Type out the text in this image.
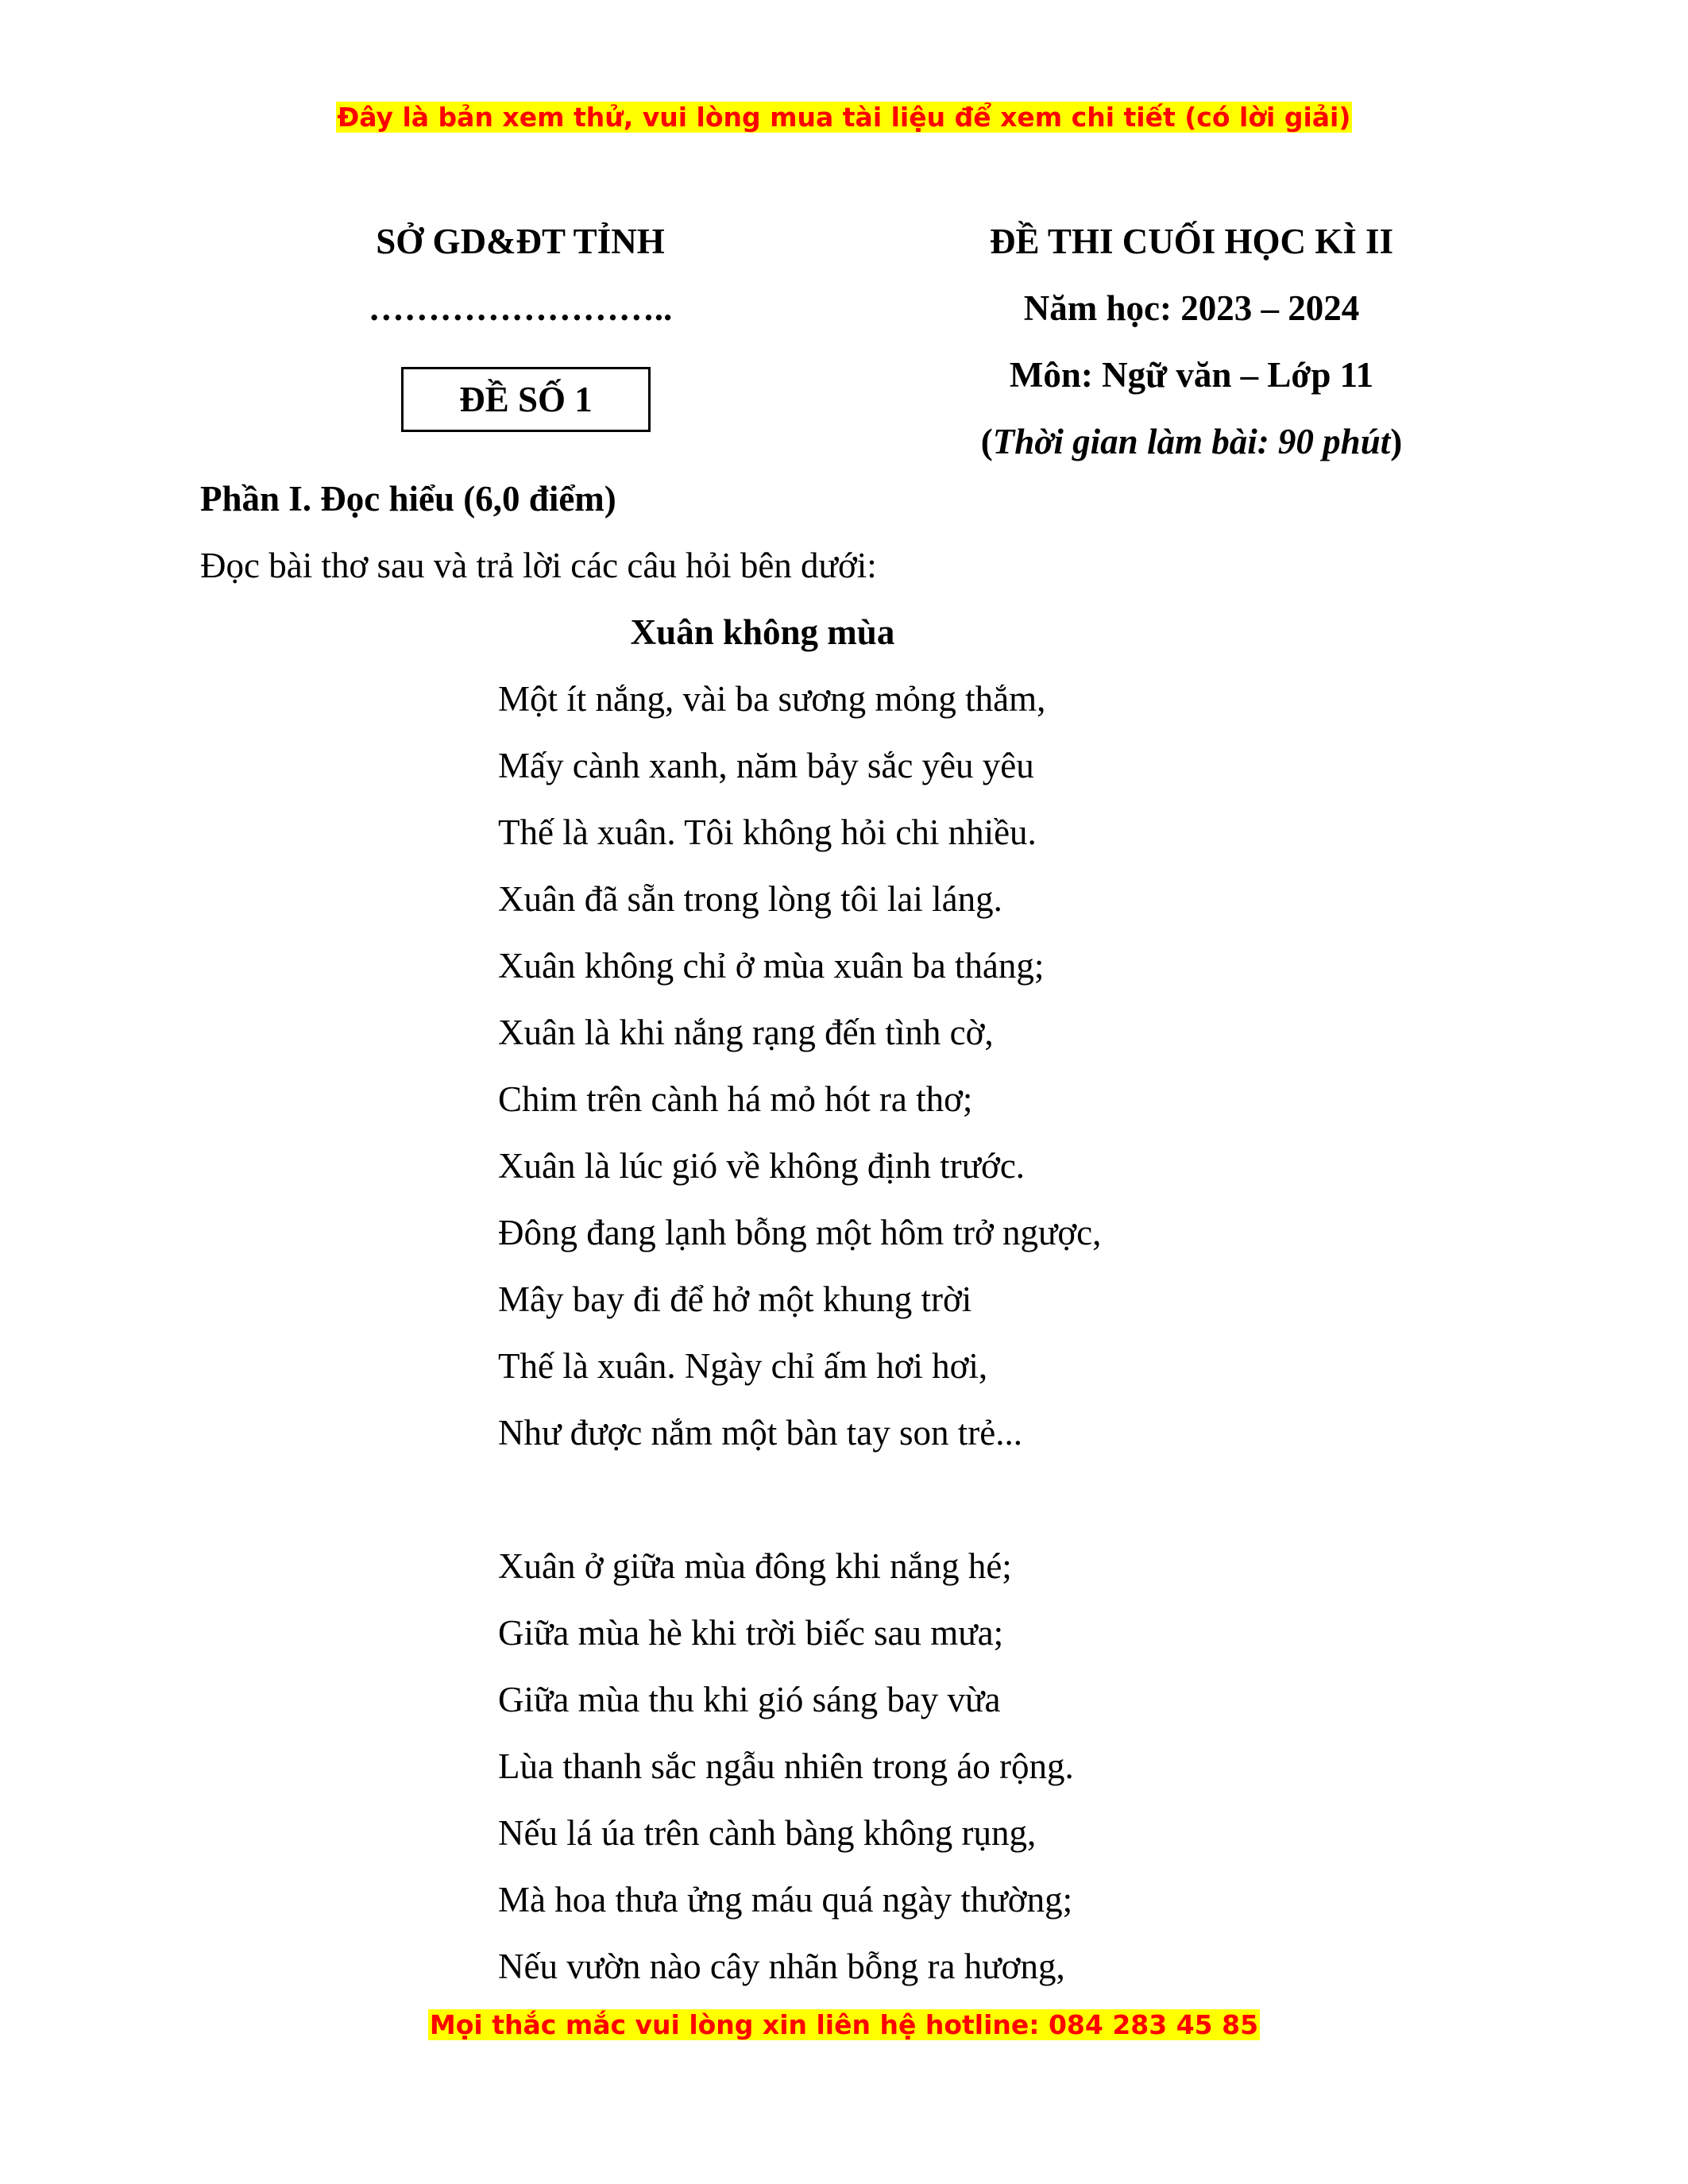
Đây là bản xem thử, vui lòng mua tài liệu để xem chi tiết (có lời giải)
SỞ GD&ĐT TỈNH
……………………..
ĐỀ SỐ 1
ĐỀ THI CUỐI HỌC KÌ II
Năm học: 2023 – 2024
Môn: Ngữ văn – Lớp 11
(Thời gian làm bài: 90 phút)
Phần I. Đọc hiểu (6,0 điểm)
Đọc bài thơ sau và trả lời các câu hỏi bên dưới:
Xuân không mùa
Một ít nắng, vài ba sương mỏng thắm,
Mấy cành xanh, năm bảy sắc yêu yêu
Thế là xuân. Tôi không hỏi chi nhiều.
Xuân đã sẵn trong lòng tôi lai láng.
Xuân không chỉ ở mùa xuân ba tháng;
Xuân là khi nắng rạng đến tình cờ,
Chim trên cành há mỏ hót ra thơ;
Xuân là lúc gió về không định trước.
Đông đang lạnh bỗng một hôm trở ngược,
Mây bay đi để hở một khung trời
Thế là xuân. Ngày chỉ ấm hơi hơi,
Như được nắm một bàn tay son trẻ...
Xuân ở giữa mùa đông khi nắng hé;
Giữa mùa hè khi trời biếc sau mưa;
Giữa mùa thu khi gió sáng bay vừa
Lùa thanh sắc ngẫu nhiên trong áo rộng.
Nếu lá úa trên cành bàng không rụng,
Mà hoa thưa ửng máu quá ngày thường;
Nếu vườn nào cây nhãn bỗng ra hương,
Mọi thắc mắc vui lòng xin liên hệ hotline: 084 283 45 85
